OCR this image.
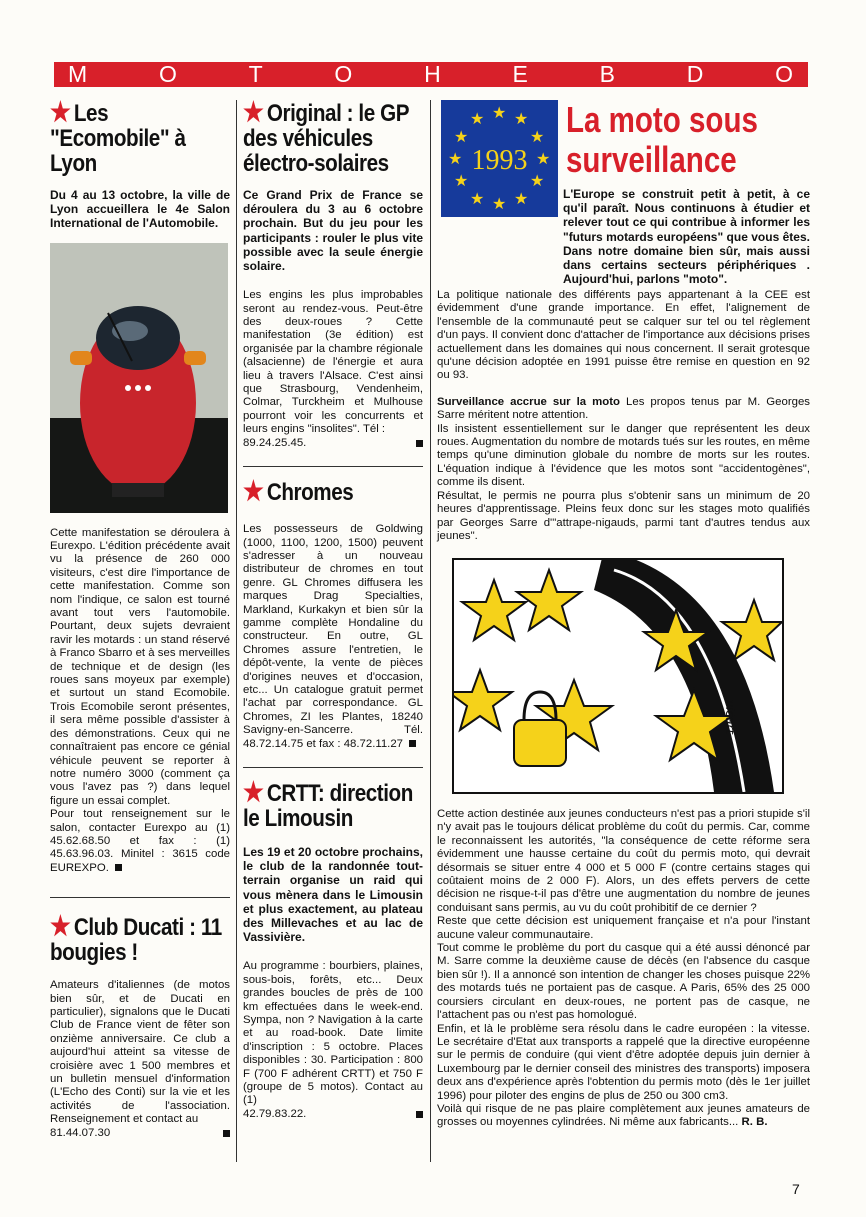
M	O	T	O	H	E	B	D	O
★ Les "Ecomobile" à Lyon

Du 4 au 13 octobre, la ville de Lyon accueillera le 4e Salon International de l'Automobile.

Cette manifestation se déroulera à Eurexpo. L'édition précédente avait vu la présence de 260 000 visiteurs, c'est dire l'importance de cette manifestation. Comme son nom l'indique, ce salon est tourné avant tout vers l'automobile. Pourtant, deux sujets devraient ravir les motards : un stand réservé à Franco Sbarro et à ses merveilles de technique et de design (les roues sans moyeux par exemple) et surtout un stand Ecomobile. Trois Ecomobile seront présentes, il sera même possible d'assister à des démonstrations. Ceux qui ne connaîtraient pas encore ce génial véhicule peuvent se reporter à notre numéro 3000 (comment ça vous l'avez pas ?) dans lequel figure un essai complet.

Pour tout renseignement sur le salon, contacter Eurexpo au (1) 45.62.68.50 et fax : (1) 45.63.96.03. Minitel : 3615 code EUREXPO.

★ Club Ducati : 11 bougies !

Amateurs d'italiennes (de motos bien sûr, et de Ducati en particulier), signalons que le Ducati Club de France vient de fêter son onzième anniversaire. Ce club a aujourd'hui atteint sa vitesse de croisière avec 1 500 membres et un bulletin mensuel d'information (L'Echo des Conti) sur la vie et les activités de l'association. Renseignement et contact au

81.44.07.30
★ Original : le GP des véhicules électro-solaires

Ce Grand Prix de France se déroulera du 3 au 6 octobre prochain. But du jeu pour les participants : rouler le plus vite possible avec la seule énergie solaire.

Les engins les plus improbables seront au rendez-vous. Peut-être des deux-roues ? Cette manifestation (3e édition) est organisée par la chambre régionale (alsacienne) de l'énergie et aura lieu à travers l'Alsace. C'est ainsi que Strasbourg, Vendenheim, Colmar, Turckheim et Mulhouse pourront voir les concurrents et leurs engins "insolites". Tél :

89.24.25.45.
★ Chromes

Les possesseurs de Goldwing (1000, 1100, 1200, 1500) peuvent s'adresser à un nouveau distributeur de chromes en tout genre. GL Chromes diffusera les marques Drag Specialties, Markland, Kurkakyn et bien sûr la gamme complète Hondaline du constructeur. En outre, GL Chromes assure l'entretien, le dépôt-vente, la vente de pièces d'origines neuves et d'occasion, etc... Un catalogue gratuit permet l'achat par correspondance. GL Chromes, ZI les Plantes, 18240 Savigny-en-Sancerre. Tél. 48.72.14.75 et fax : 48.72.11.27

★ CRTT: direction le Limousin

Les 19 et 20 octobre prochains, le club de la randonnée tout-terrain organise un raid qui vous mènera dans le Limousin et plus exactement, au plateau des Millevaches et au lac de Vassivière.

Au programme : bourbiers, plaines, sous-bois, forêts, etc... Deux grandes boucles de près de 100 km effectuées dans le week-end. Sympa, non ? Navigation à la carte et au road-book. Date limite d'inscription : 5 octobre. Places disponibles : 30. Participation : 800 F (700 F adhérent CRTT) et 750 F (groupe de 5 motos). Contact au (1)

42.79.83.22.
★
★ ★
★	★
★	★
★	★
★ ★
★
1993
La moto sous surveillance

L'Europe se construit petit à petit, à ce qu'il paraît. Nous continuons à étudier et relever tout ce qui contribue à informer les "futurs motards européens" que vous êtes. Dans notre domaine bien sûr, mais aussi dans certains secteurs périphériques . Aujourd'hui, parlons "moto".

La politique nationale des différents pays appartenant à la CEE est évidemment d'une grande importance. En effet, l'alignement de l'ensemble de la communauté peut se calquer sur tel ou tel règlement d'un pays. Il convient donc d'attacher de l'importance aux décisions prises actuellement dans les domaines qui nous concernent. Il serait grotesque qu'une décision adoptée en 1991 puisse être remise en question en 92 ou 93.

Surveillance accrue sur la moto Les propos tenus par M. Georges Sarre méritent notre attention.

Ils insistent essentiellement sur le danger que représentent les deux roues. Augmentation du nombre de motards tués sur les routes, en même temps qu'une diminution globale du nombre de morts sur les routes. L'équation indique à l'évidence que les motos sont "accidentogènes", comme ils disent.

Résultat, le permis ne pourra plus s'obtenir sans un minimum de 20 heures d'apprentissage. Pleins feux donc sur les stages moto qualifiés par Georges Sarre d'"attrape-nigauds, parmi tant d'autres tendus aux jeunes".

vicart

Cette action destinée aux jeunes conducteurs n'est pas a priori stupide s'il n'y avait pas le toujours délicat problème du coût du permis. Car, comme le reconnaissent les autorités, "la conséquence de cette réforme sera évidemment une hausse certaine du coût du permis moto, qui devrait désormais se situer entre 4 000 et 5 000 F (contre certains stages qui coûtaient moins de 2 000 F). Alors, un des effets pervers de cette décision ne risque-t-il pas d'être une augmentation du nombre de jeunes conduisant sans permis, au vu du coût prohibitif de ce dernier ?

Reste que cette décision est uniquement française et n'a pour l'instant aucune valeur communautaire.

Tout comme le problème du port du casque qui a été aussi dénoncé par M. Sarre comme la deuxième cause de décès (en l'absence du casque bien sûr !). Il a annoncé son intention de changer les choses puisque 22% des motards tués ne portaient pas de casque. A Paris, 65% des 25 000 coursiers circulant en deux-roues, ne portent pas de casque, ne l'attachent pas ou n'est pas homologué.

Enfin, et là le problème sera résolu dans le cadre européen : la vitesse. Le secrétaire d'Etat aux transports a rappelé que la directive européenne sur le permis de conduire (qui vient d'être adoptée depuis juin dernier à Luxembourg par le dernier conseil des ministres des transports) imposera deux ans d'expérience après l'obtention du permis moto (dès le 1er juillet 1996) pour piloter des engins de plus de 250 ou 300 cm3.

Voilà qui risque de ne pas plaire complètement aux jeunes amateurs de grosses ou moyennes cylindrées. Ni même aux fabricants... R. B.

7
